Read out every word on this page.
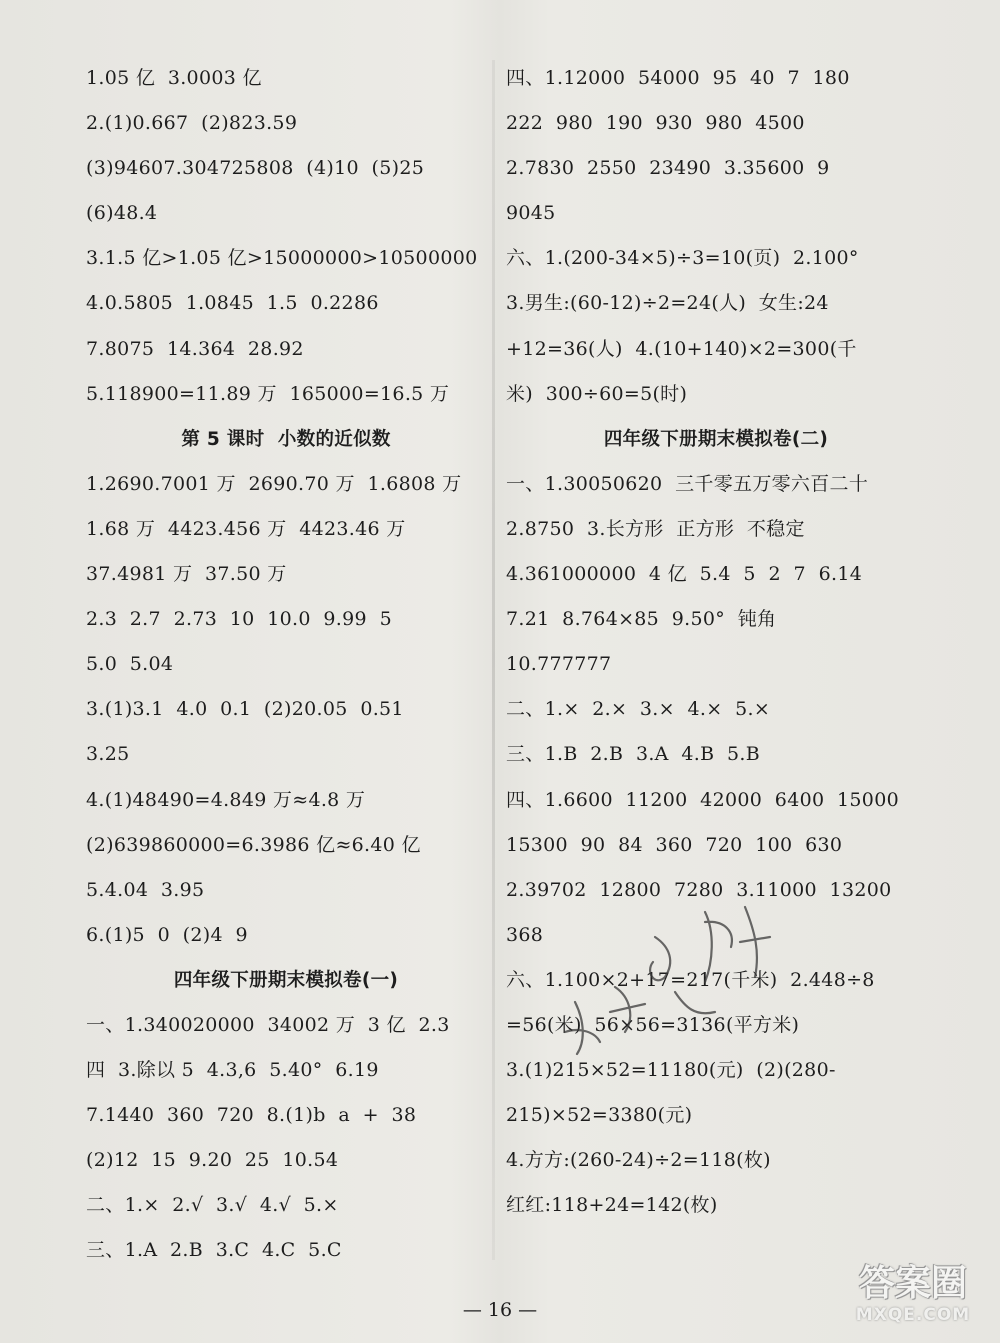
1.05 亿  3.0003 亿
2.(1)0.667  (2)823.59
(3)94607.304725808  (4)10  (5)25
(6)48.4
3.1.5 亿>1.05 亿>15000000>10500000
4.0.5805  1.0845  1.5  0.2286
7.8075  14.364  28.92
5.118900=11.89 万  165000=16.5 万
第 5 课时  小数的近似数
1.2690.7001 万  2690.70 万  1.6808 万
1.68 万  4423.456 万  4423.46 万
37.4981 万  37.50 万
2.3  2.7  2.73  10  10.0  9.99  5
5.0  5.04
3.(1)3.1  4.0  0.1  (2)20.05  0.51
3.25
4.(1)48490=4.849 万≈4.8 万
(2)639860000=6.3986 亿≈6.40 亿
5.4.04  3.95
6.(1)5  0  (2)4  9
四年级下册期末模拟卷(一)
一、1.340020000  34002 万  3 亿  2.3
四  3.除以 5  4.3,6  5.40°  6.19
7.1440  360  720  8.(1)b  a  +  38
(2)12  15  9.20  25  10.54
二、1.×  2.√  3.√  4.√  5.×
三、1.A  2.B  3.C  4.C  5.C
四、1.12000  54000  95  40  7  180
222  980  190  930  980  4500
2.7830  2550  23490  3.35600  9
9045
六、1.(200-34×5)÷3=10(页)  2.100°
3.男生:(60-12)÷2=24(人)  女生:24
+12=36(人)  4.(10+140)×2=300(千
米)  300÷60=5(时)
四年级下册期末模拟卷(二)
一、1.30050620  三千零五万零六百二十
2.8750  3.长方形  正方形  不稳定
4.361000000  4 亿  5.4  5  2  7  6.14
7.21  8.764×85  9.50°  钝角
10.777777
二、1.×  2.×  3.×  4.×  5.×
三、1.B  2.B  3.A  4.B  5.B
四、1.6600  11200  42000  6400  15000
15300  90  84  360  720  100  630
2.39702  12800  7280  3.11000  13200
368
六、1.100×2+17=217(千米)  2.448÷8
=56(米)  56×56=3136(平方米)
3.(1)215×52=11180(元)  (2)(280-
215)×52=3380(元)
4.方方:(260-24)÷2=118(枚)
红红:118+24=142(枚)
— 16 —
答案圈
MXQE.COM
